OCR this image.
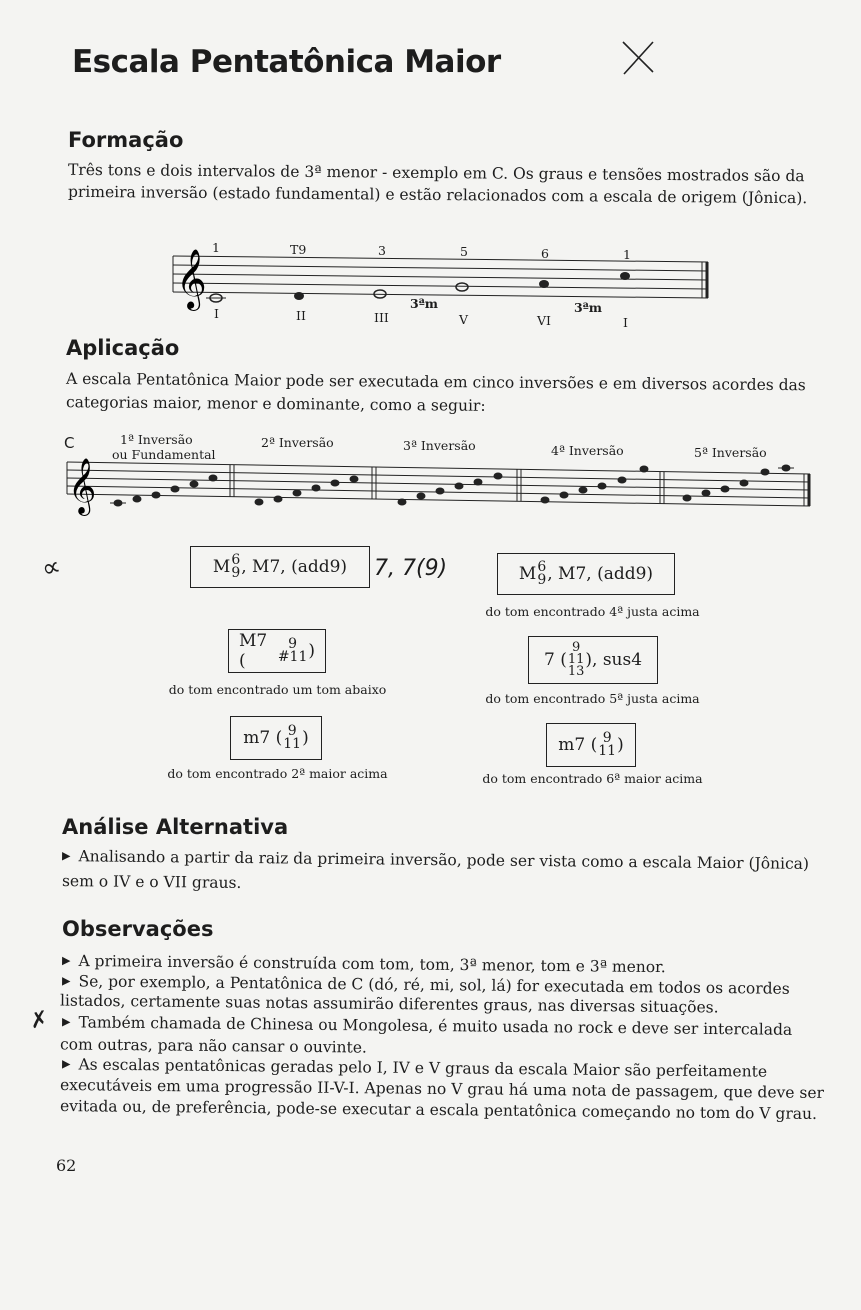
Escala Pentatônica Maior
Formação

Três tons e dois intervalos de 3ª menor - exemplo em C. Os graus e tensões mostrados são da

primeira inversão (estado fundamental) e estão relacionados com a escala de origem (Jônica).

𝄞
1	T9	3	5	6	1
I	II	III	V	VI	I
3ªm	3ªm
Aplicação

A escala Pentatônica Maior pode ser executada em cinco inversões e em diversos acordes das

categorias maior, menor e dominante, como a seguir:

C	1ª Inversão
ou Fundamental
2ª Inversão	3ª Inversão	4ª Inversão	5ª Inversão
𝄞
∝	M 6
9 , M7, (add9) 7, 7(9)	M 6
9 , M7, (add9)
do tom encontrado 4ª justa acima
M7 (
9
#11 )
do tom encontrado um tom abaixo
7 (
9
11
13
), sus4
do tom encontrado 5ª justa acima
m7 ( 9
11 )
do tom encontrado 2ª maior acima
m7 ( 9
11 )
do tom encontrado 6ª maior acima
Análise Alternativa

▶ Analisando a partir da raiz da primeira inversão, pode ser vista como a escala Maior (Jônica)

sem o IV e o VII graus.

Observações

▶ A primeira inversão é construída com tom, tom, 3ª menor, tom e 3ª menor.

▶ Se, por exemplo, a Pentatônica de C (dó, ré, mi, sol, lá) for executada em todos os acordes

listados, certamente suas notas assumirão diferentes graus, nas diversas situações.

▶ Também chamada de Chinesa ou Mongolesa, é muito usada no rock e deve ser intercalada

com outras, para não cansar o ouvinte.

▶ As escalas pentatônicas geradas pelo I, IV e V graus da escala Maior são perfeitamente

executáveis em uma progressão II-V-I. Apenas no V grau há uma nota de passagem, que deve ser

evitada ou, de preferência, pode-se executar a escala pentatônica começando no tom do V grau.

✗
62
